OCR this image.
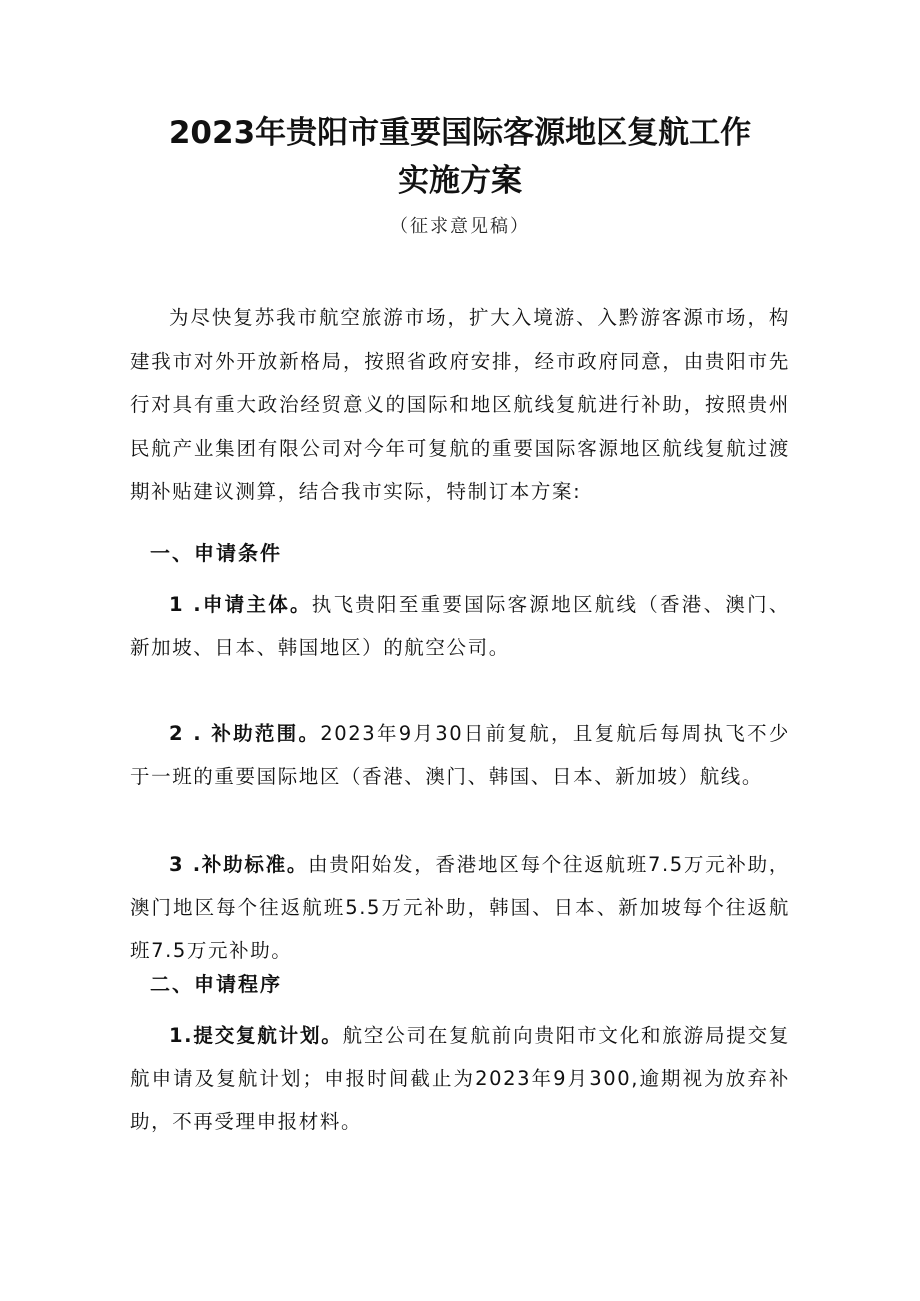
2023年贵阳市重要国际客源地区复航工作
实施方案
（征求意见稿）

为尽快复苏我市航空旅游市场，扩大入境游、入黔游客源市场，构建我市对外开放新格局，按照省政府安排，经市政府同意，由贵阳市先行对具有重大政治经贸意义的国际和地区航线复航进行补助，按照贵州民航产业集团有限公司对今年可复航的重要国际客源地区航线复航过渡期补贴建议测算，结合我市实际，特制订本方案:

一、申请条件

1 .申请主体。执飞贵阳至重要国际客源地区航线（香港、澳门、新加坡、日本、韩国地区）的航空公司。

2 . 补助范围。2023年9月30日前复航，且复航后每周执飞不少于一班的重要国际地区（香港、澳门、韩国、日本、新加坡）航线。

3 .补助标准。由贵阳始发，香港地区每个往返航班7.5万元补助，澳门地区每个往返航班5.5万元补助，韩国、日本、新加坡每个往返航班7.5万元补助。

二、申请程序

1.提交复航计划。航空公司在复航前向贵阳市文化和旅游局提交复航申请及复航计划；申报时间截止为2023年9月300,逾期视为放弃补助，不再受理申报材料。
